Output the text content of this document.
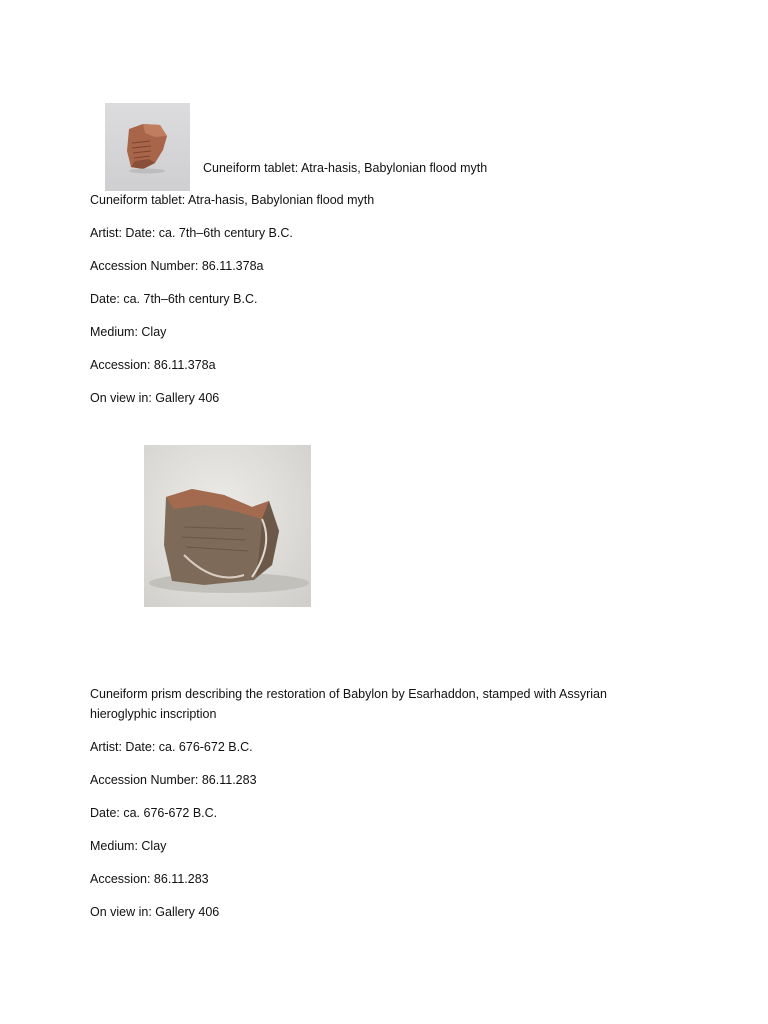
Cuneiform tablet: Atra-hasis, Babylonian flood myth
Cuneiform tablet: Atra-hasis, Babylonian flood myth
Artist: Date: ca. 7th–6th century B.C.
Accession Number: 86.11.378a
Date: ca. 7th–6th century B.C.
Medium: Clay
Accession: 86.11.378a
On view in: Gallery 406
Cuneiform prism describing the restoration of Babylon by Esarhaddon, stamped with Assyrian hieroglyphic inscription
Artist: Date: ca. 676-672 B.C.
Accession Number: 86.11.283
Date: ca. 676-672 B.C.
Medium: Clay
Accession: 86.11.283
On view in: Gallery 406
